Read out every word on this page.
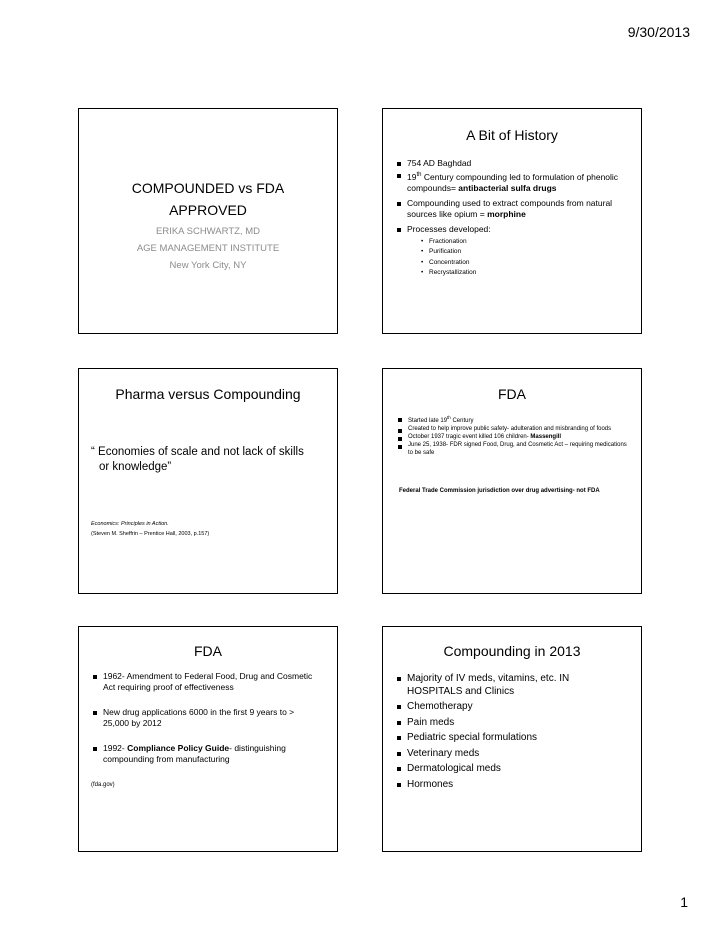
9/30/2013
COMPOUNDED vs FDA
APPROVED
ERIKA SCHWARTZ, MD
AGE MANAGEMENT INSTITUTE
New York City, NY
A Bit of History
754 AD Baghdad
19th Century compounding led to formulation of phenolic compounds= antibacterial sulfa drugs
Compounding used to extract compounds from natural sources like opium = morphine
Processes developed:
• Fractionation
• Purification
• Concentration
• Recrystallization
Pharma versus Compounding
“ Economies of scale and not lack of skills or knowledge”
Economics: Principles in Action.
(Steven M. Sheffrin – Prentice Hall, 2003, p.157)
FDA
Started late 19th Century
Created to help improve public safety- adulteration and misbranding of foods
October 1937 tragic event killed 106 children- Massengill
June 25, 1938- FDR signed Food, Drug, and Cosmetic Act – requiring medications to be safe
Federal Trade Commission jurisdiction over drug advertising- not FDA
FDA
1962- Amendment to Federal Food, Drug and Cosmetic Act requiring proof of effectiveness
New drug applications 6000 in the first 9 years to > 25,000 by 2012
1992- Compliance Policy Guide- distinguishing compounding from manufacturing
(fda.gov)
Compounding in 2013
Majority of IV meds, vitamins, etc. IN HOSPITALS and Clinics
Chemotherapy
Pain meds
Pediatric special formulations
Veterinary meds
Dermatological meds
Hormones
1
